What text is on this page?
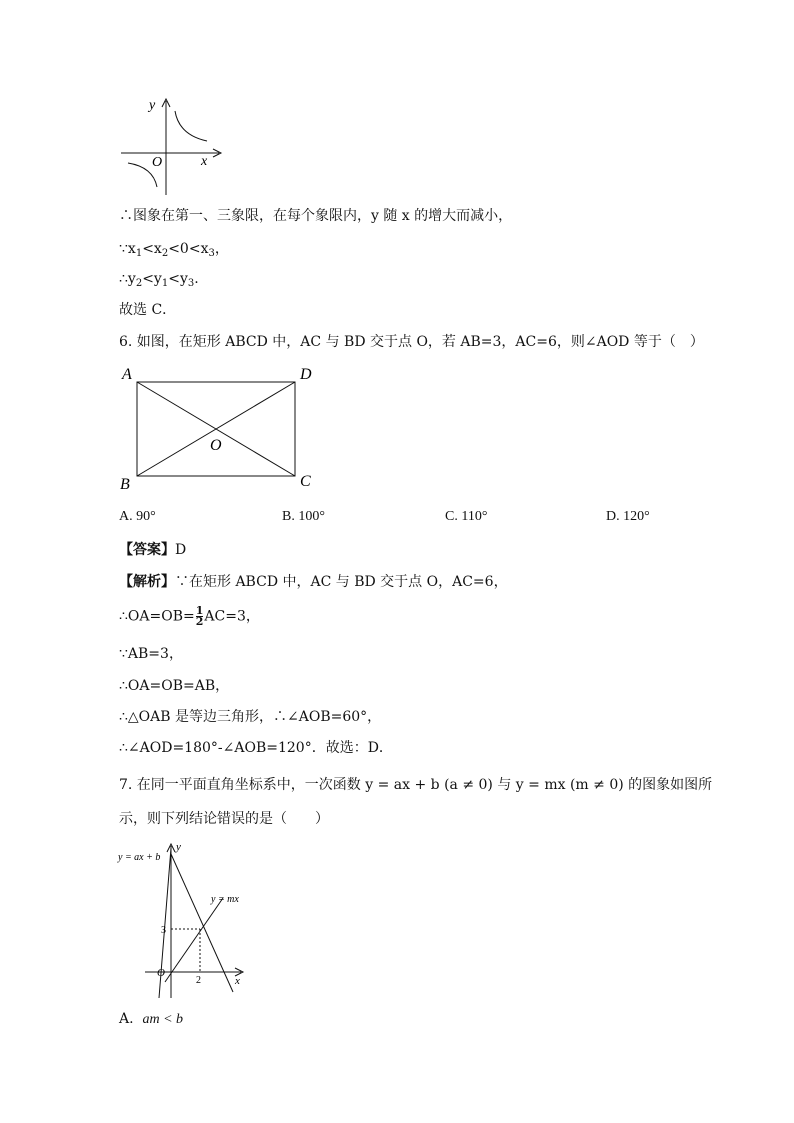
y
x
O
∴图象在第一、三象限，在每个象限内，y 随 x 的增大而减小，
$\because x_1<x_2<0<x_3$，
$\therefore y_2<y_1<y_3$.
故选 C．
6. 如图，在矩形 ABCD 中，AC 与 BD 交于点 O，若 AB=3，AC=6，则∠AOD 等于（　）
A	D
B	C
O
A. 90°	B. 100°	C. 110°	D. 120°
【答案】D
【解析】∵在矩形 ABCD 中，AC 与 BD 交于点 O，AC=6，
∴OA=OB= $\frac{1}{2} AC=3$，
∵AB=3，
∴OA=OB=AB，
∴△OAB 是等边三角形，∴∠AOB=60°，
∴∠AOD=180°-∠AOB=120°．故选：D．
7. 在同一平面直角坐标系中，一次函数 y = ax + b (a ≠ 0) 与 y = mx (m ≠ 0) 的图象如图所
示，则下列结论错误的是（　　）
y = ax + b
y = mx
y
x
O
3
2
A. am < b
